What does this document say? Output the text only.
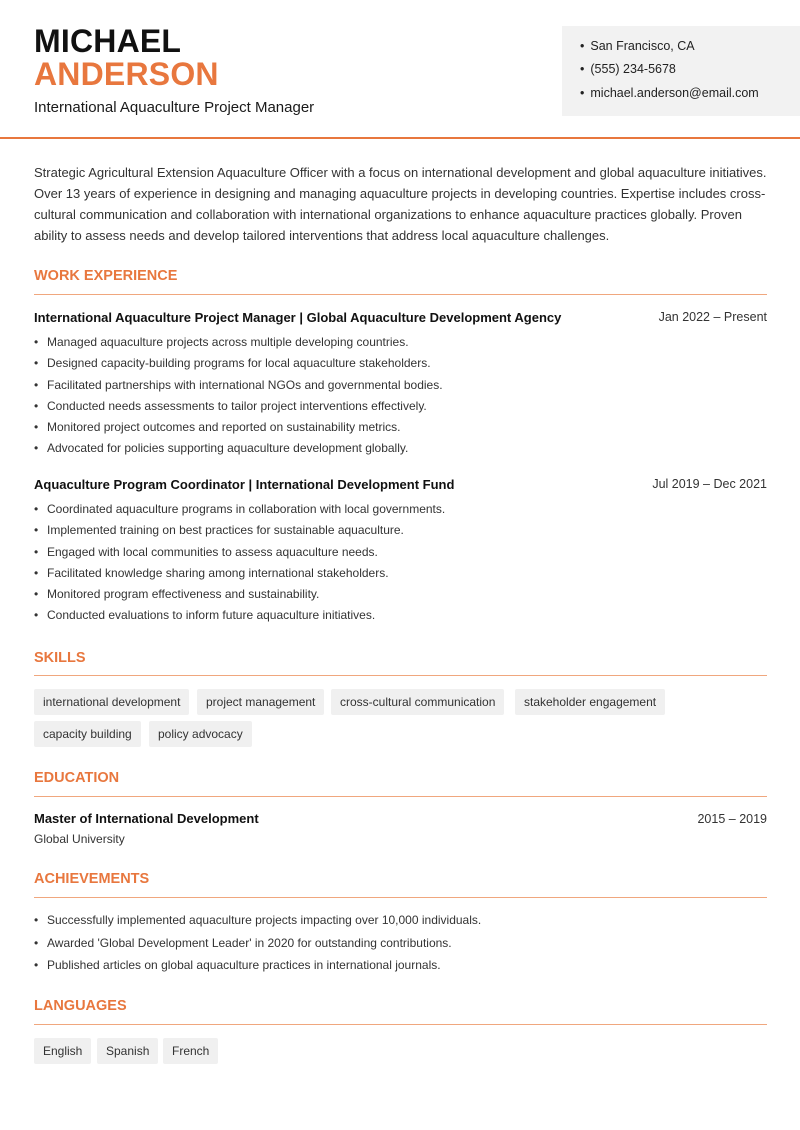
MICHAEL
ANDERSON
International Aquaculture Project Manager
• San Francisco, CA
• (555) 234-5678
• michael.anderson@email.com

Strategic Agricultural Extension Aquaculture Officer with a focus on international development and global aquaculture initiatives. Over 13 years of experience in designing and managing aquaculture projects in developing countries. Expertise includes cross-cultural communication and collaboration with international organizations to enhance aquaculture practices globally. Proven ability to assess needs and develop tailored interventions that address local aquaculture challenges.

WORK EXPERIENCE
International Aquaculture Project Manager | Global Aquaculture Development Agency	Jan 2022 – Present
• Managed aquaculture projects across multiple developing countries.
• Designed capacity-building programs for local aquaculture stakeholders.
• Facilitated partnerships with international NGOs and governmental bodies.
• Conducted needs assessments to tailor project interventions effectively.
• Monitored project outcomes and reported on sustainability metrics.
• Advocated for policies supporting aquaculture development globally.
Aquaculture Program Coordinator | International Development Fund	Jul 2019 – Dec 2021
• Coordinated aquaculture programs in collaboration with local governments.
• Implemented training on best practices for sustainable aquaculture.
• Engaged with local communities to assess aquaculture needs.
• Facilitated knowledge sharing among international stakeholders.
• Monitored program effectiveness and sustainability.
• Conducted evaluations to inform future aquaculture initiatives.
SKILLS
international development	project management	cross-cultural communication	stakeholder engagement
capacity building	policy advocacy
EDUCATION
Master of International Development	2015 – 2019
Global University
ACHIEVEMENTS
• Successfully implemented aquaculture projects impacting over 10,000 individuals.
• Awarded 'Global Development Leader' in 2020 for outstanding contributions.
• Published articles on global aquaculture practices in international journals.
LANGUAGES
English	Spanish	French
